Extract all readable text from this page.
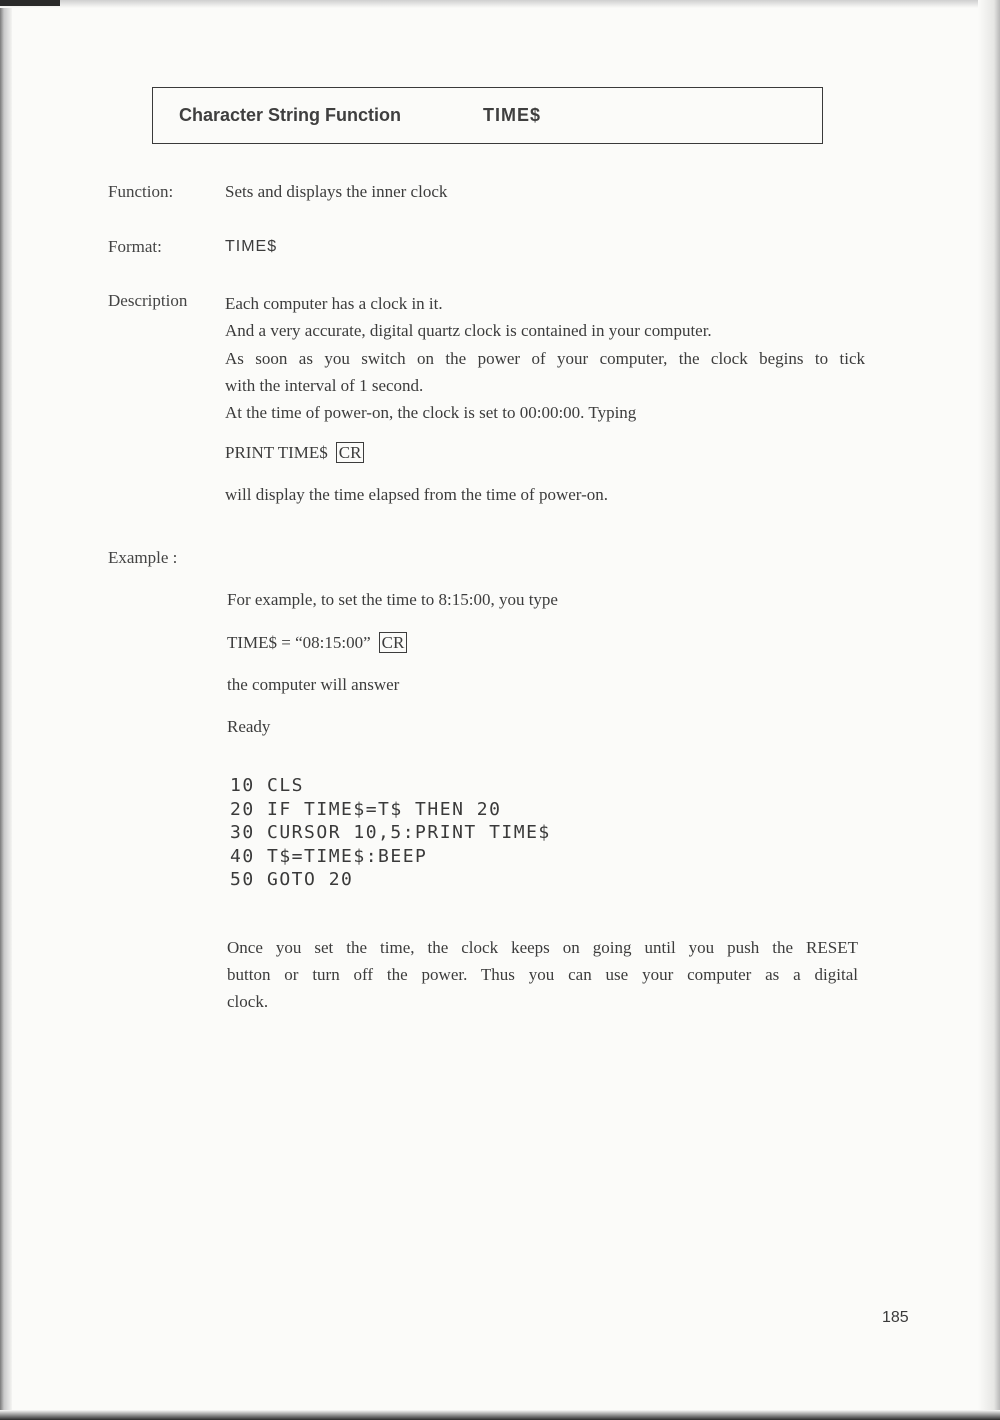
Character String Function	TIME$
Function:	Sets and displays the inner clock
Format:	TIME$
Description Each computer has a clock in it.
And a very accurate, digital quartz clock is contained in your computer.
As soon as you switch on the power of your computer, the clock begins to tick
with the interval of 1 second.
At the time of power-on, the clock is set to 00:00:00. Typing
PRINT TIME$ CR
will display the time elapsed from the time of power-on.
Example :
For example, to set the time to 8:15:00, you type
TIME$ = “08:15:00” CR
the computer will answer
Ready
10 CLS
20 IF TIME$=T$ THEN 20
30 CURSOR 10,5:PRINT TIME$
40 T$=TIME$:BEEP
50 GOTO 20
Once you set the time, the clock keeps on going until you push the RESET
button or turn off the power. Thus you can use your computer as a digital
clock.
185
